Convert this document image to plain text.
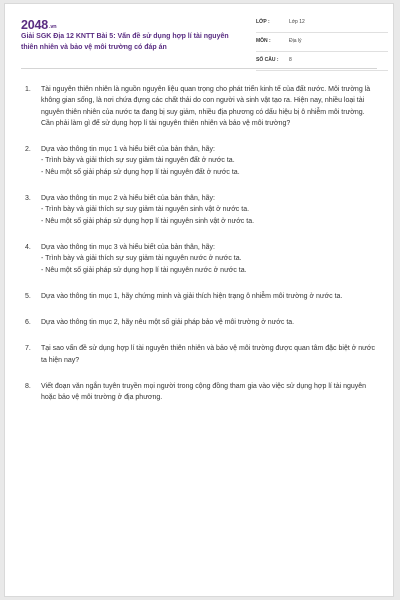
2048.vn
Giải SGK Địa 12 KNTT Bài 5: Vấn đề sử dụng hợp lí tài nguyên thiên nhiên và bảo vệ môi trường có đáp án
LỚP :	Lớp 12
MÔN :	Địa lý
SỐ CÂU : 8
1. Tài nguyên thiên nhiên là nguồn nguyên liệu quan trọng cho phát triển kinh tế của đất nước. Môi trường là không gian sống, là nơi chứa đựng các chất thải do con người và sinh vật tạo ra. Hiện nay, nhiều loại tài nguyên thiên nhiên của nước ta đang bị suy giảm, nhiều địa phương có dấu hiệu bị ô nhiễm môi trường. Cần phải làm gì để sử dụng hợp lí tài nguyên thiên nhiên và bảo vệ môi trường?
2. Dựa vào thông tin mục 1 và hiểu biết của bản thân, hãy:
- Trình bày và giải thích sự suy giảm tài nguyên đất ở nước ta.
- Nêu một số giải pháp sử dụng hợp lí tài nguyên đất ở nước ta.
3. Dựa vào thông tin mục 2 và hiểu biết của bản thân, hãy:
- Trình bày và giải thích sự suy giảm tài nguyên sinh vật ở nước ta.
- Nêu một số giải pháp sử dụng hợp lí tài nguyên sinh vật ở nước ta.
4. Dựa vào thông tin mục 3 và hiểu biết của bản thân, hãy:
- Trình bày và giải thích sự suy giảm tài nguyên nước ở nước ta.
- Nêu một số giải pháp sử dụng hợp lí tài nguyên nước ở nước ta.
5. Dựa vào thông tin mục 1, hãy chứng minh và giải thích hiện trạng ô nhiễm môi trường ở nước ta.
6. Dựa vào thông tin mục 2, hãy nêu một số giải pháp bảo vệ môi trường ở nước ta.
7. Tại sao vấn đề sử dụng hợp lí tài nguyên thiên nhiên và bảo vệ môi trường được quan tâm đặc biệt ở nước ta hiện nay?
8. Viết đoạn văn ngắn tuyên truyền mọi người trong cộng đồng tham gia vào việc sử dụng hợp lí tài nguyên hoặc bảo vệ môi trường ở địa phương.
